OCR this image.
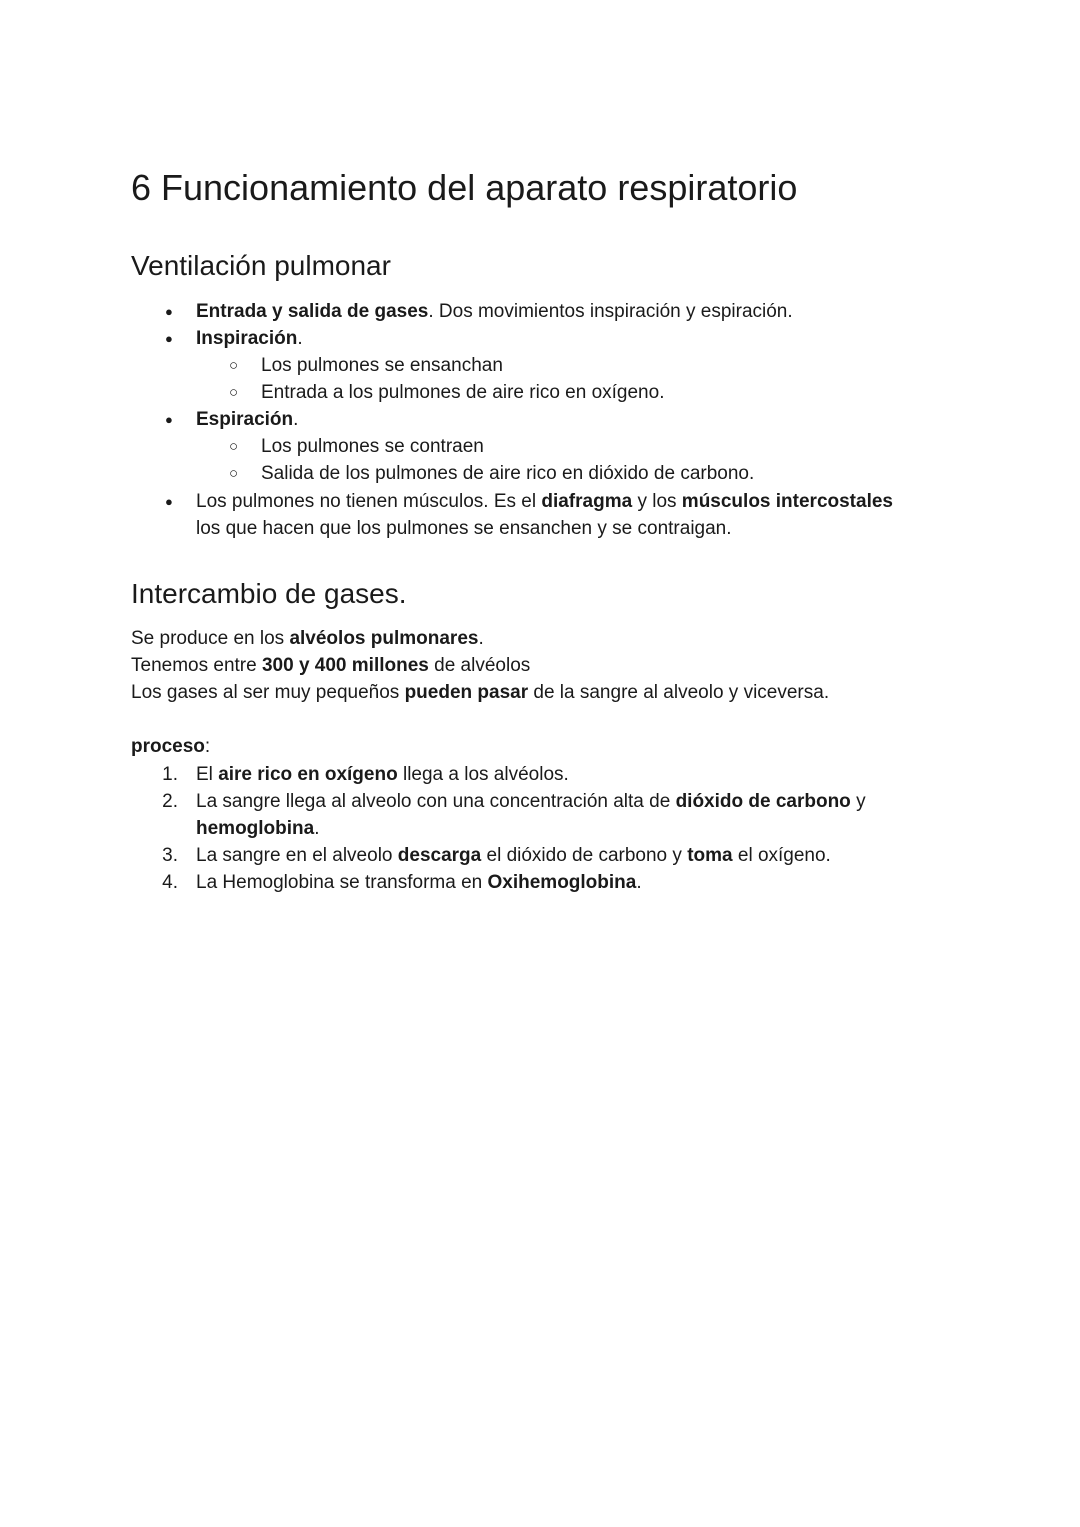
6 Funcionamiento del aparato respiratorio
Ventilación pulmonar
● Entrada y salida de gases. Dos movimientos inspiración y espiración.
● Inspiración.
○ Los pulmones se ensanchan
○ Entrada a los pulmones de aire rico en oxígeno.
● Espiración.
○ Los pulmones se contraen
○ Salida de los pulmones de aire rico en dióxido de carbono.
● Los pulmones no tienen músculos. Es el diafragma y los músculos intercostales
los que hacen que los pulmones se ensanchen y se contraigan.
Intercambio de gases.
Se produce en los alvéolos pulmonares.
Tenemos entre 300 y 400 millones de alvéolos
Los gases al ser muy pequeños pueden pasar de la sangre al alveolo y viceversa.
proceso:
1. El aire rico en oxígeno llega a los alvéolos.
2. La sangre llega al alveolo con una concentración alta de dióxido de carbono y
hemoglobina.
3. La sangre en el alveolo descarga el dióxido de carbono y toma el oxígeno.
4. La Hemoglobina se transforma en Oxihemoglobina.
